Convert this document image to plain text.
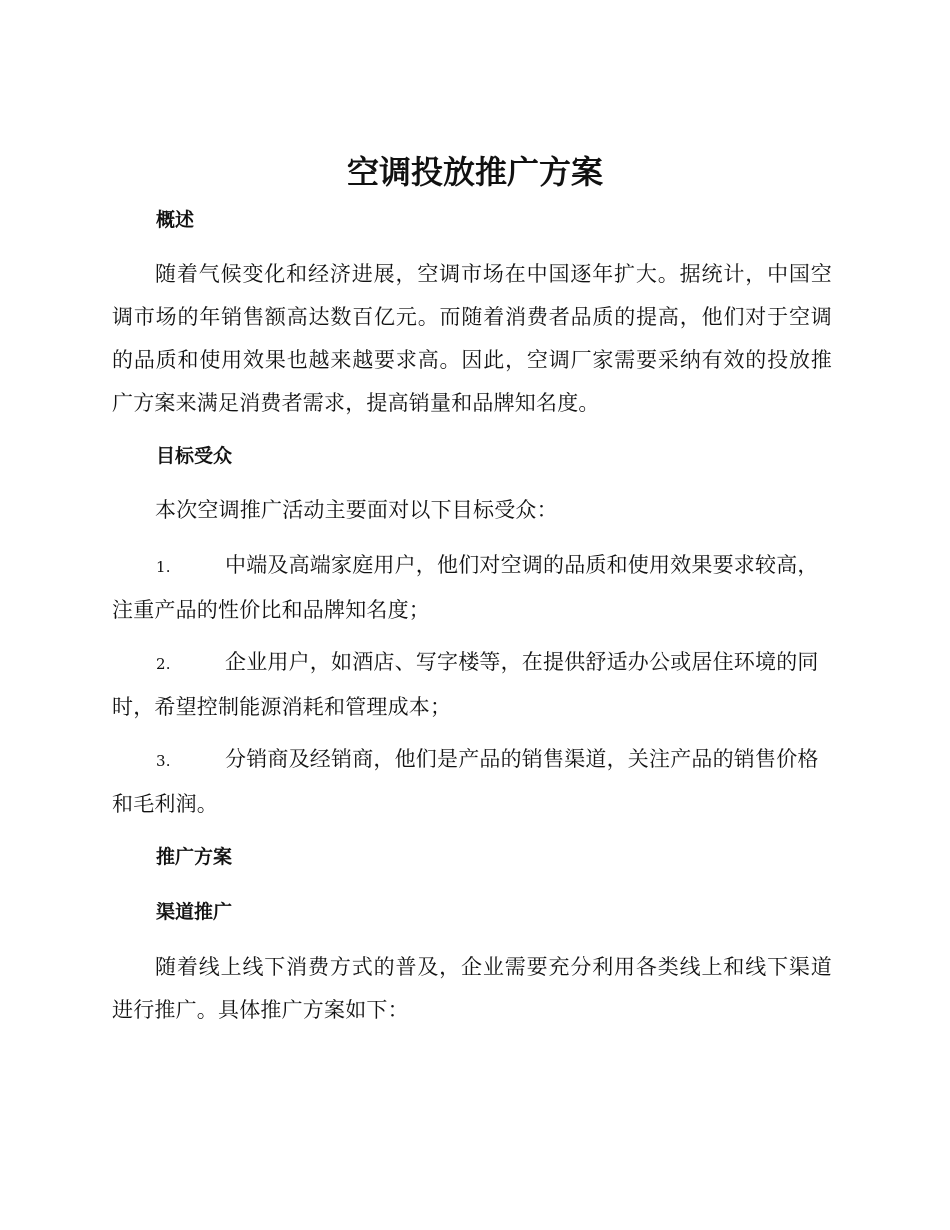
空调投放推广方案
概述
随着气候变化和经济进展，空调市场在中国逐年扩大。据统计，中国空调市场的年销售额高达数百亿元。而随着消费者品质的提高，他们对于空调的品质和使用效果也越来越要求高。因此，空调厂家需要采纳有效的投放推广方案来满足消费者需求，提高销量和品牌知名度。
目标受众
本次空调推广活动主要面对以下目标受众：
1.	中端及高端家庭用户，他们对空调的品质和使用效果要求较高，注重产品的性价比和品牌知名度；
2.	企业用户，如酒店、写字楼等，在提供舒适办公或居住环境的同时，希望控制能源消耗和管理成本；
3.	分销商及经销商，他们是产品的销售渠道，关注产品的销售价格和毛利润。
推广方案
渠道推广
随着线上线下消费方式的普及，企业需要充分利用各类线上和线下渠道进行推广。具体推广方案如下：
